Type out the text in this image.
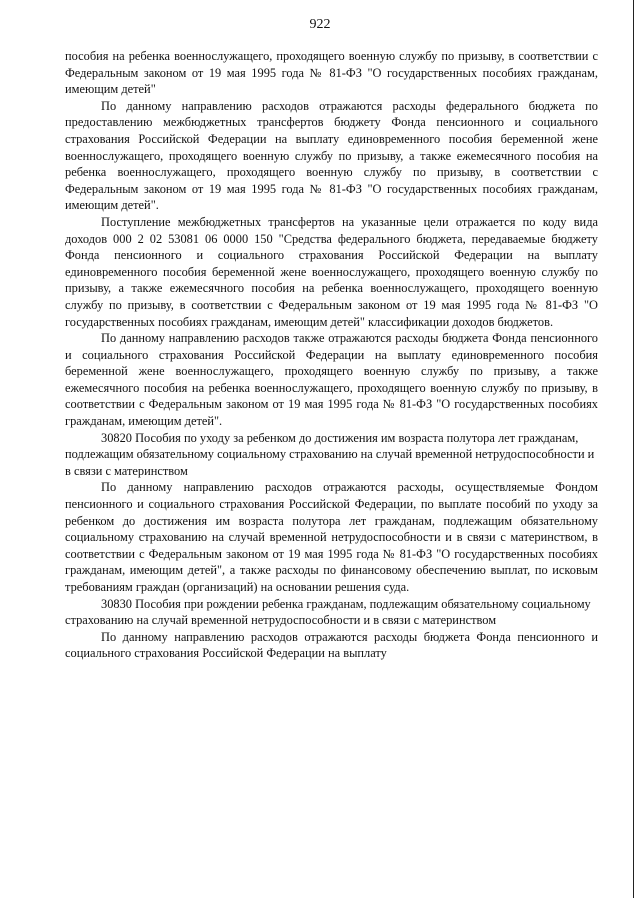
922

пособия на ребенка военнослужащего, проходящего военную службу по призыву, в соответствии с Федеральным законом от 19 мая 1995 года № 81-ФЗ "О государственных пособиях гражданам, имеющим детей"

По данному направлению расходов отражаются расходы федерального бюджета по предоставлению межбюджетных трансфертов бюджету Фонда пенсионного и социального страхования Российской Федерации на выплату единовременного пособия беременной жене военнослужащего, проходящего военную службу по призыву, а также ежемесячного пособия на ребенка военнослужащего, проходящего военную службу по призыву, в соответствии с Федеральным законом от 19 мая 1995 года № 81-ФЗ "О государственных пособиях гражданам, имеющим детей".

Поступление межбюджетных трансфертов на указанные цели отражается по коду вида доходов 000 2 02 53081 06 0000 150 "Средства федерального бюджета, передаваемые бюджету Фонда пенсионного и социального страхования Российской Федерации на выплату единовременного пособия беременной жене военнослужащего, проходящего военную службу по призыву, а также ежемесячного пособия на ребенка военнослужащего, проходящего военную службу по призыву, в соответствии с Федеральным законом от 19 мая 1995 года № 81-ФЗ "О государственных пособиях гражданам, имеющим детей" классификации доходов бюджетов.

По данному направлению расходов также отражаются расходы бюджета Фонда пенсионного и социального страхования Российской Федерации на выплату единовременного пособия беременной жене военнослужащего, проходящего военную службу по призыву, а также ежемесячного пособия на ребенка военнослужащего, проходящего военную службу по призыву, в соответствии с Федеральным законом от 19 мая 1995 года № 81-ФЗ "О государственных пособиях гражданам, имеющим детей".

30820 Пособия по уходу за ребенком до достижения им возраста полутора лет гражданам, подлежащим обязательному социальному страхованию на случай временной нетрудоспособности и в связи с материнством

По данному направлению расходов отражаются расходы, осуществляемые Фондом пенсионного и социального страхования Российской Федерации, по выплате пособий по уходу за ребенком до достижения им возраста полутора лет гражданам, подлежащим обязательному социальному страхованию на случай временной нетрудоспособности и в связи с материнством, в соответствии с Федеральным законом от 19 мая 1995 года № 81-ФЗ "О государственных пособиях гражданам, имеющим детей", а также расходы по финансовому обеспечению выплат, по исковым требованиям граждан (организаций) на основании решения суда.

30830 Пособия при рождении ребенка гражданам, подлежащим обязательному социальному страхованию на случай временной нетрудоспособности и в связи с материнством

По данному направлению расходов отражаются расходы бюджета Фонда пенсионного и социального страхования Российской Федерации на выплату
